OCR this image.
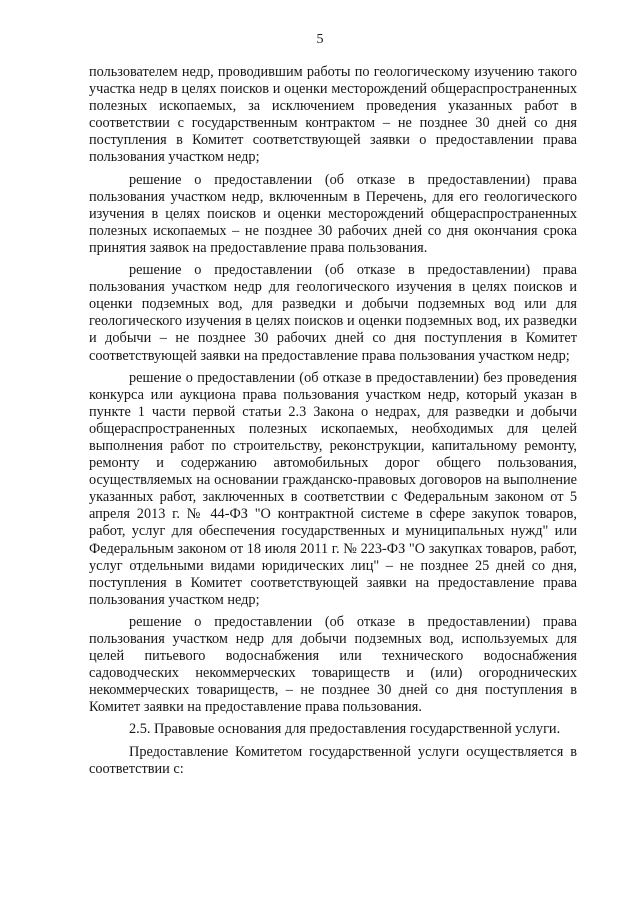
5

пользователем недр, проводившим работы по геологическому изучению такого участка недр в целях поисков и оценки месторождений общераспространенных полезных ископаемых, за исключением проведения указанных работ в соответствии с государственным контрактом – не позднее 30 дней со дня поступления в Комитет соответствующей заявки о предоставлении права пользования участком недр;

решение о предоставлении (об отказе в предоставлении) права пользования участком недр, включенным в Перечень, для его геологического изучения в целях поисков и оценки месторождений общераспространенных полезных ископаемых – не позднее 30 рабочих дней со дня окончания срока принятия заявок на предоставление права пользования.

решение о предоставлении (об отказе в предоставлении) права пользования участком недр для геологического изучения в целях поисков и оценки подземных вод, для разведки и добычи подземных вод или для геологического изучения в целях поисков и оценки подземных вод, их разведки и добычи – не позднее 30 рабочих дней со дня поступления в Комитет соответствующей заявки на предоставление права пользования участком недр;

решение о предоставлении (об отказе в предоставлении) без проведения конкурса или аукциона права пользования участком недр, который указан в пункте 1 части первой статьи 2.3 Закона о недрах, для разведки и добычи общераспространенных полезных ископаемых, необходимых для целей выполнения работ по строительству, реконструкции, капитальному ремонту, ремонту и содержанию автомобильных дорог общего пользования, осуществляемых на основании гражданско-правовых договоров на выполнение указанных работ, заключенных в соответствии с Федеральным законом от 5 апреля 2013 г. № 44-ФЗ "О контрактной системе в сфере закупок товаров, работ, услуг для обеспечения государственных и муниципальных нужд" или Федеральным законом от 18 июля 2011 г. № 223-ФЗ "О закупках товаров, работ, услуг отдельными видами юридических лиц" – не позднее 25 дней со дня, поступления в Комитет соответствующей заявки на предоставление права пользования участком недр;

решение о предоставлении (об отказе в предоставлении) права пользования участком недр для добычи подземных вод, используемых для целей питьевого водоснабжения или технического водоснабжения садоводческих некоммерческих товариществ и (или) огороднических некоммерческих товариществ, – не позднее 30 дней со дня поступления в Комитет заявки на предоставление права пользования.

2.5. Правовые основания для предоставления государственной услуги.

Предоставление Комитетом государственной услуги осуществляется в соответствии с:
